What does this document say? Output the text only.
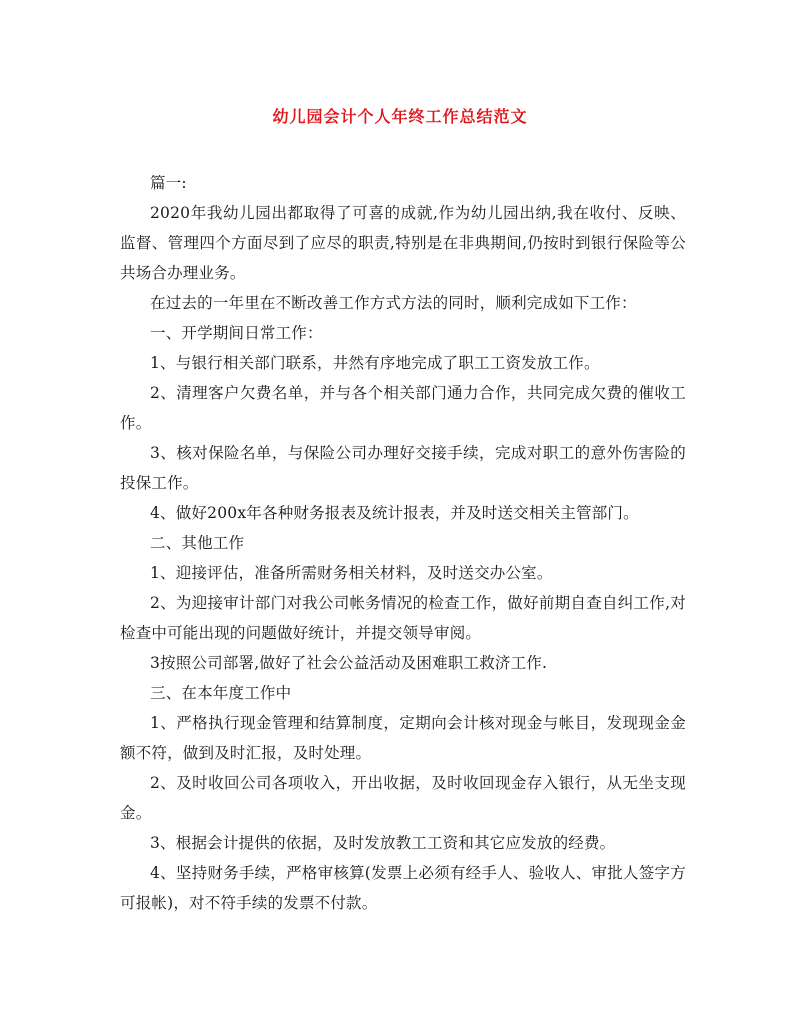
幼儿园会计个人年终工作总结范文

篇一:

2020年我幼儿园出都取得了可喜的成就,作为幼儿园出纳,我在收付、反映、监督、管理四个方面尽到了应尽的职责,特别是在非典期间,仍按时到银行保险等公共场合办理业务。

在过去的一年里在不断改善工作方式方法的同时，顺利完成如下工作：

一、开学期间日常工作：

1、与银行相关部门联系，井然有序地完成了职工工资发放工作。

2、清理客户欠费名单，并与各个相关部门通力合作，共同完成欠费的催收工作。

3、核对保险名单，与保险公司办理好交接手续，完成对职工的意外伤害险的投保工作。

4、做好200x年各种财务报表及统计报表，并及时送交相关主管部门。

二、其他工作

1、迎接评估，准备所需财务相关材料，及时送交办公室。

2、为迎接审计部门对我公司帐务情况的检查工作，做好前期自查自纠工作,对检查中可能出现的问题做好统计，并提交领导审阅。

3按照公司部署,做好了社会公益活动及困难职工救济工作.

三、在本年度工作中

1、严格执行现金管理和结算制度，定期向会计核对现金与帐目，发现现金金额不符，做到及时汇报，及时处理。

2、及时收回公司各项收入，开出收据，及时收回现金存入银行，从无坐支现金。

3、根据会计提供的依据，及时发放教工工资和其它应发放的经费。

4、坚持财务手续，严格审核算(发票上必须有经手人、验收人、审批人签字方可报帐)，对不符手续的发票不付款。
